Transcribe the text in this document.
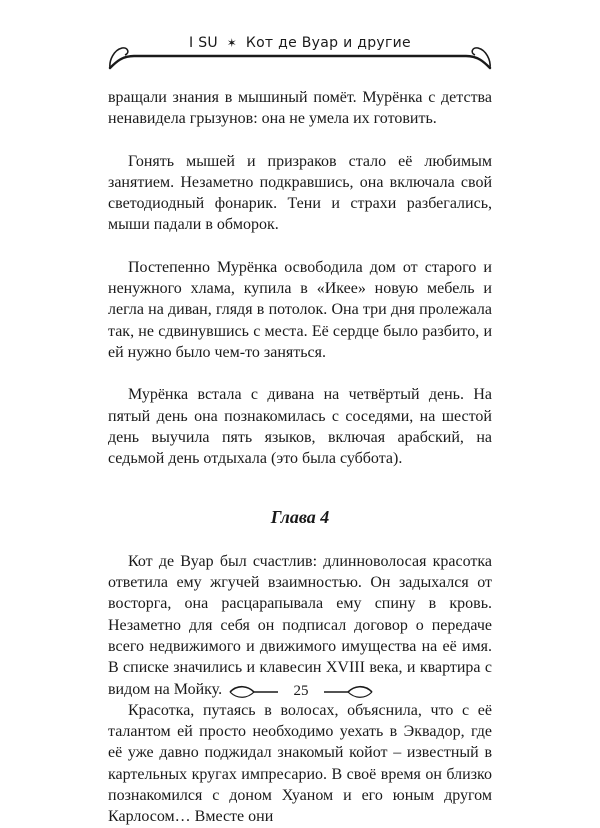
I SU ✶ Кот де Вуар и другие

вращали знания в мышиный помёт. Мурёнка с детства ненавидела грызунов: она не умела их готовить.

Гонять мышей и призраков стало её любимым занятием. Незаметно подкравшись, она включала свой светодиодный фонарик. Тени и страхи разбегались, мыши падали в обморок.

Постепенно Мурёнка освободила дом от старого и ненужного хлама, купила в «Икее» новую мебель и легла на диван, глядя в потолок. Она три дня пролежала так, не сдвинувшись с места. Её сердце было разбито, и ей нужно было чем-то заняться.

Мурёнка встала с дивана на четвёртый день. На пятый день она познакомилась с соседями, на шестой день выучила пять языков, включая арабский, на седьмой день отдыхала (это была суббота).

Глава 4

Кот де Вуар был счастлив: длинноволосая красотка ответила ему жгучей взаимностью. Он задыхался от восторга, она расцарапывала ему спину в кровь. Незаметно для себя он подписал договор о передаче всего недвижимого и движимого имущества на её имя. В списке значились и клавесин XVIII века, и квартира с видом на Мойку.

Красотка, путаясь в волосах, объяснила, что с её талантом ей просто необходимо уехать в Эквадор, где её уже давно поджидал знакомый койот – известный в картельных кругах импресарио. В своё время он близко познакомился с доном Хуаном и его юным другом Карлосом… Вместе они

25
